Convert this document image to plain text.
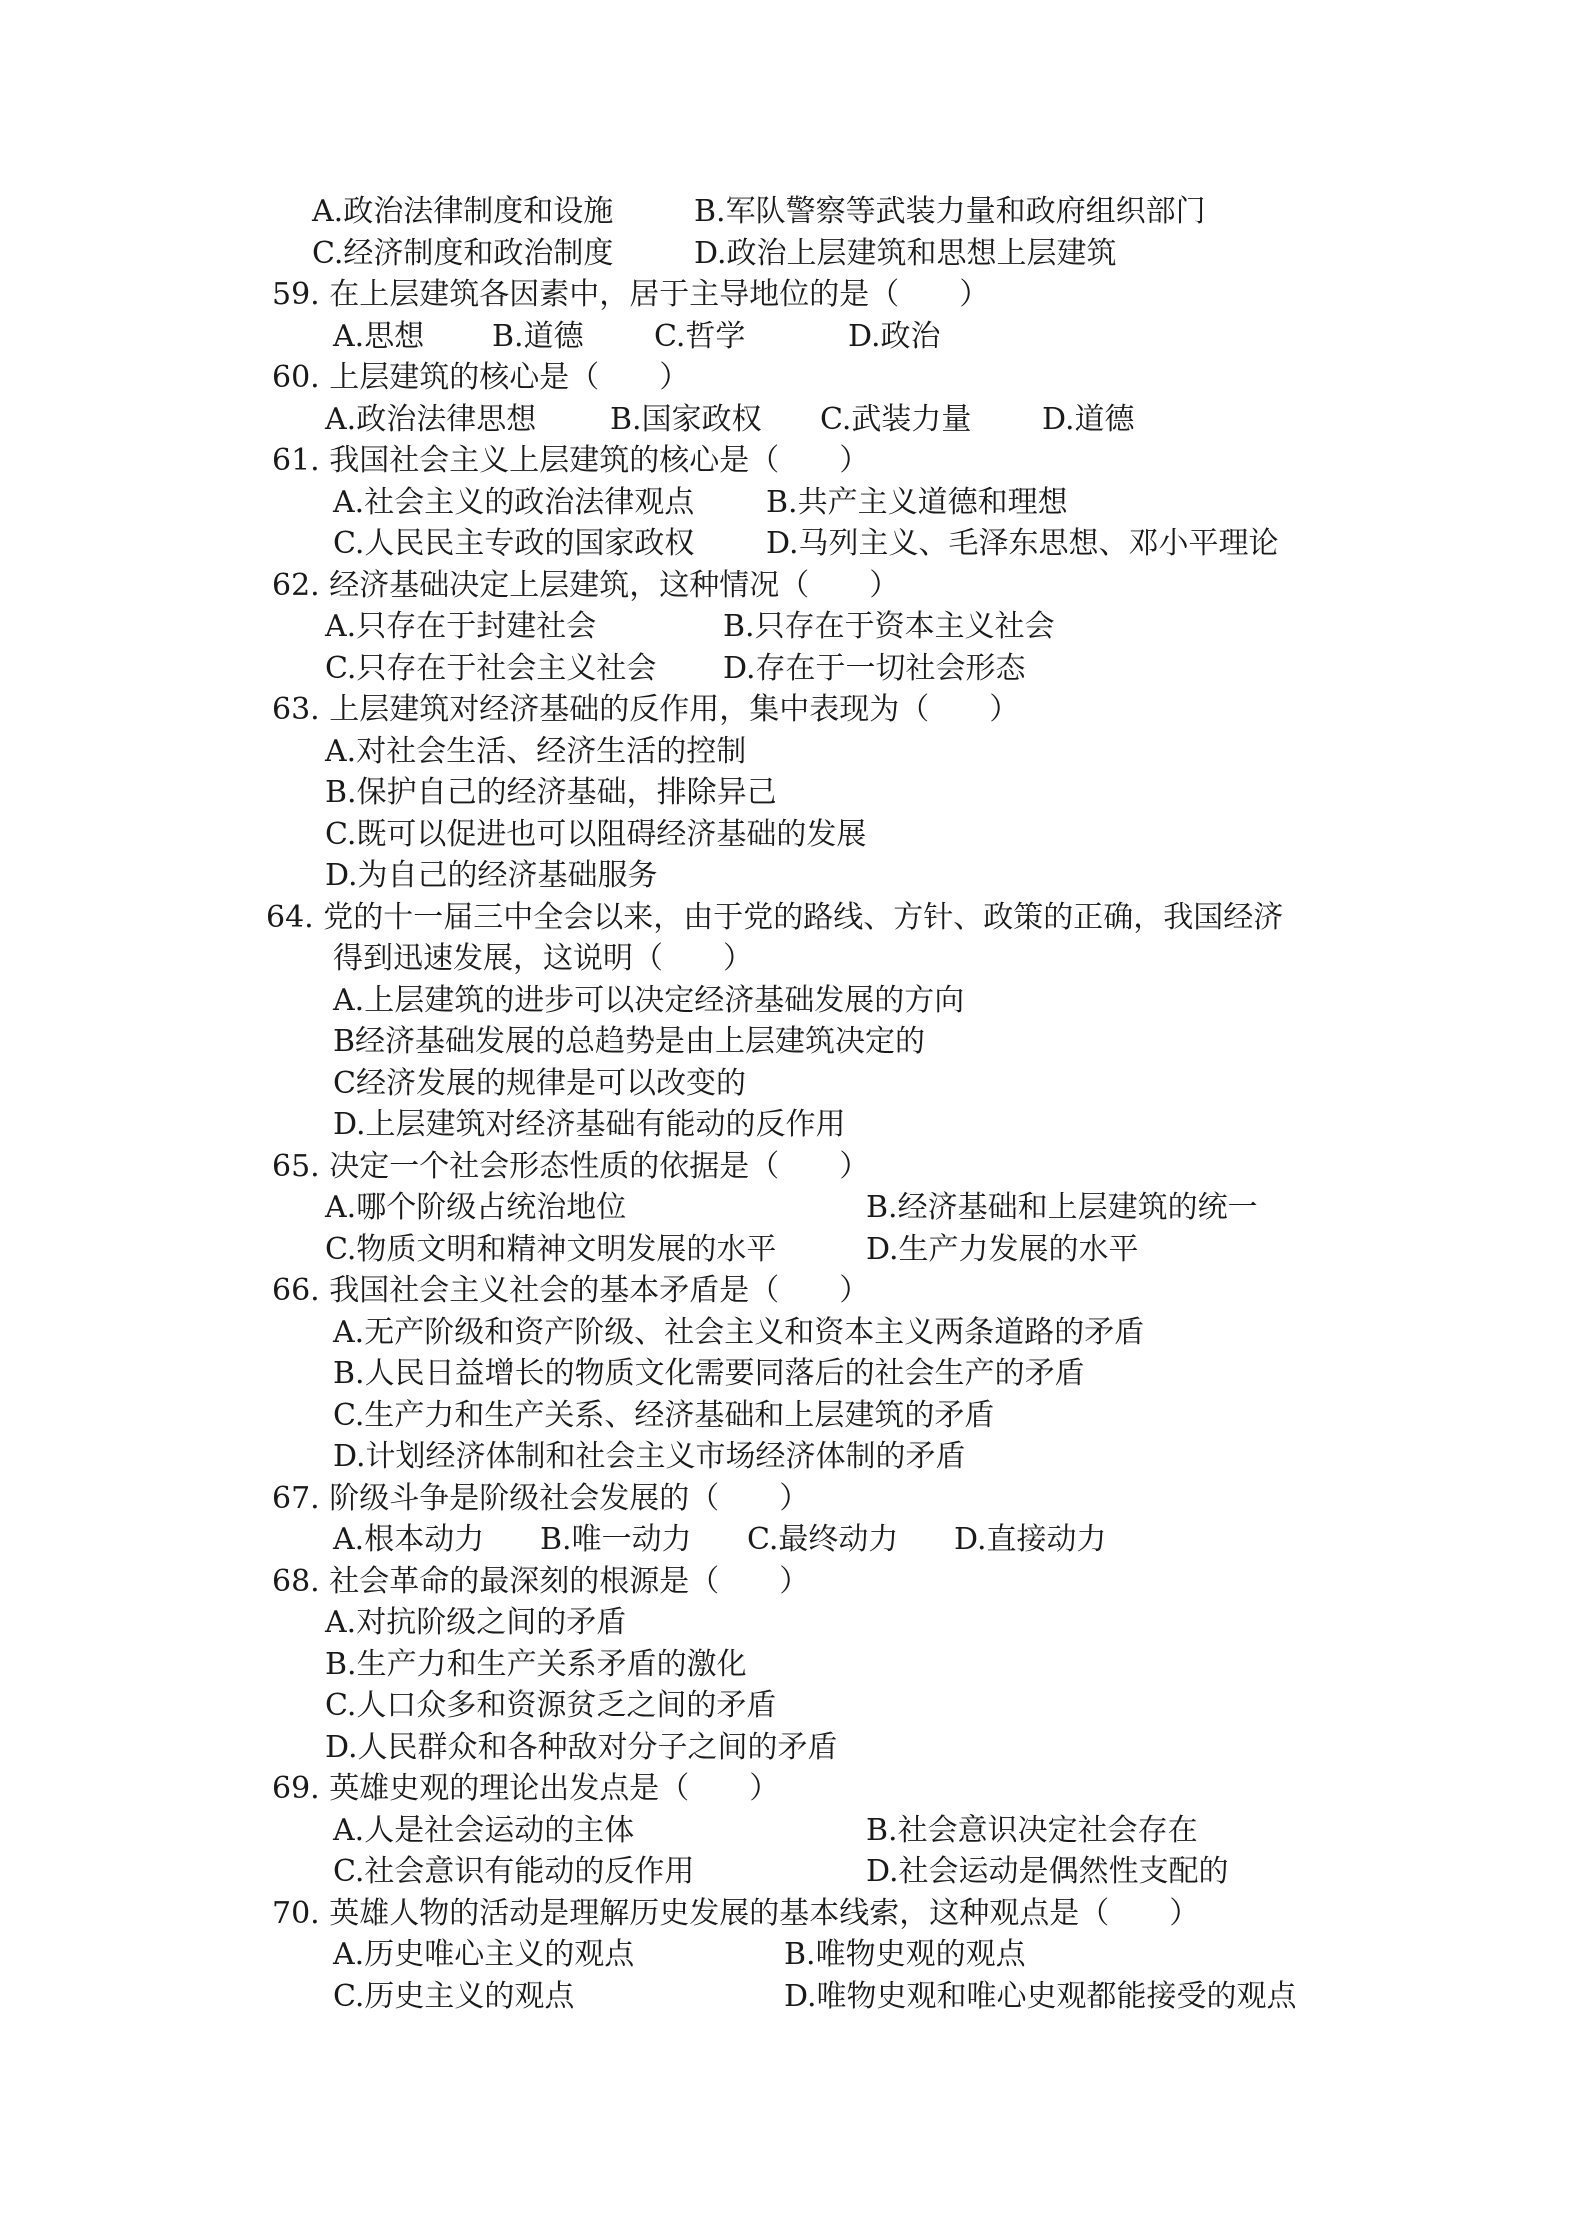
A.政治法律制度和设施	B.军队警察等武装力量和政府组织部门
C.经济制度和政治制度	D.政治上层建筑和思想上层建筑
59. 在上层建筑各因素中，居于主导地位的是（　　）
A.思想 B.道德 C.哲学	D.政治
60. 上层建筑的核心是（　　）
A.政治法律思想 B.国家政权 C.武装力量 D.道德
61. 我国社会主义上层建筑的核心是（　　）
A.社会主义的政治法律观点 B.共产主义道德和理想
C.人民民主专政的国家政权 D.马列主义、毛泽东思想、邓小平理论
62. 经济基础决定上层建筑，这种情况（　　）
A.只存在于封建社会	B.只存在于资本主义社会
C.只存在于社会主义社会 D.存在于一切社会形态
63. 上层建筑对经济基础的反作用，集中表现为（　　）
A.对社会生活、经济生活的控制
B.保护自己的经济基础，排除异己
C.既可以促进也可以阻碍经济基础的发展
D.为自己的经济基础服务
64. 党的十一届三中全会以来，由于党的路线、方针、政策的正确，我国经济
得到迅速发展，这说明（　　）
A.上层建筑的进步可以决定经济基础发展的方向
B经济基础发展的总趋势是由上层建筑决定的
C经济发展的规律是可以改变的
D.上层建筑对经济基础有能动的反作用
65. 决定一个社会形态性质的依据是（　　）
A.哪个阶级占统治地位	B.经济基础和上层建筑的统一
C.物质文明和精神文明发展的水平	D.生产力发展的水平
66. 我国社会主义社会的基本矛盾是（　　）
A.无产阶级和资产阶级、社会主义和资本主义两条道路的矛盾
B.人民日益增长的物质文化需要同落后的社会生产的矛盾
C.生产力和生产关系、经济基础和上层建筑的矛盾
D.计划经济体制和社会主义市场经济体制的矛盾
67. 阶级斗争是阶级社会发展的（　　）
A.根本动力 B.唯一动力 C.最终动力 D.直接动力
68. 社会革命的最深刻的根源是（　　）
A.对抗阶级之间的矛盾
B.生产力和生产关系矛盾的激化
C.人口众多和资源贫乏之间的矛盾
D.人民群众和各种敌对分子之间的矛盾
69. 英雄史观的理论出发点是（　　）
A.人是社会运动的主体	B.社会意识决定社会存在
C.社会意识有能动的反作用	D.社会运动是偶然性支配的
70. 英雄人物的活动是理解历史发展的基本线索，这种观点是（　　）
A.历史唯心主义的观点	B.唯物史观的观点
C.历史主义的观点	D.唯物史观和唯心史观都能接受的观点
